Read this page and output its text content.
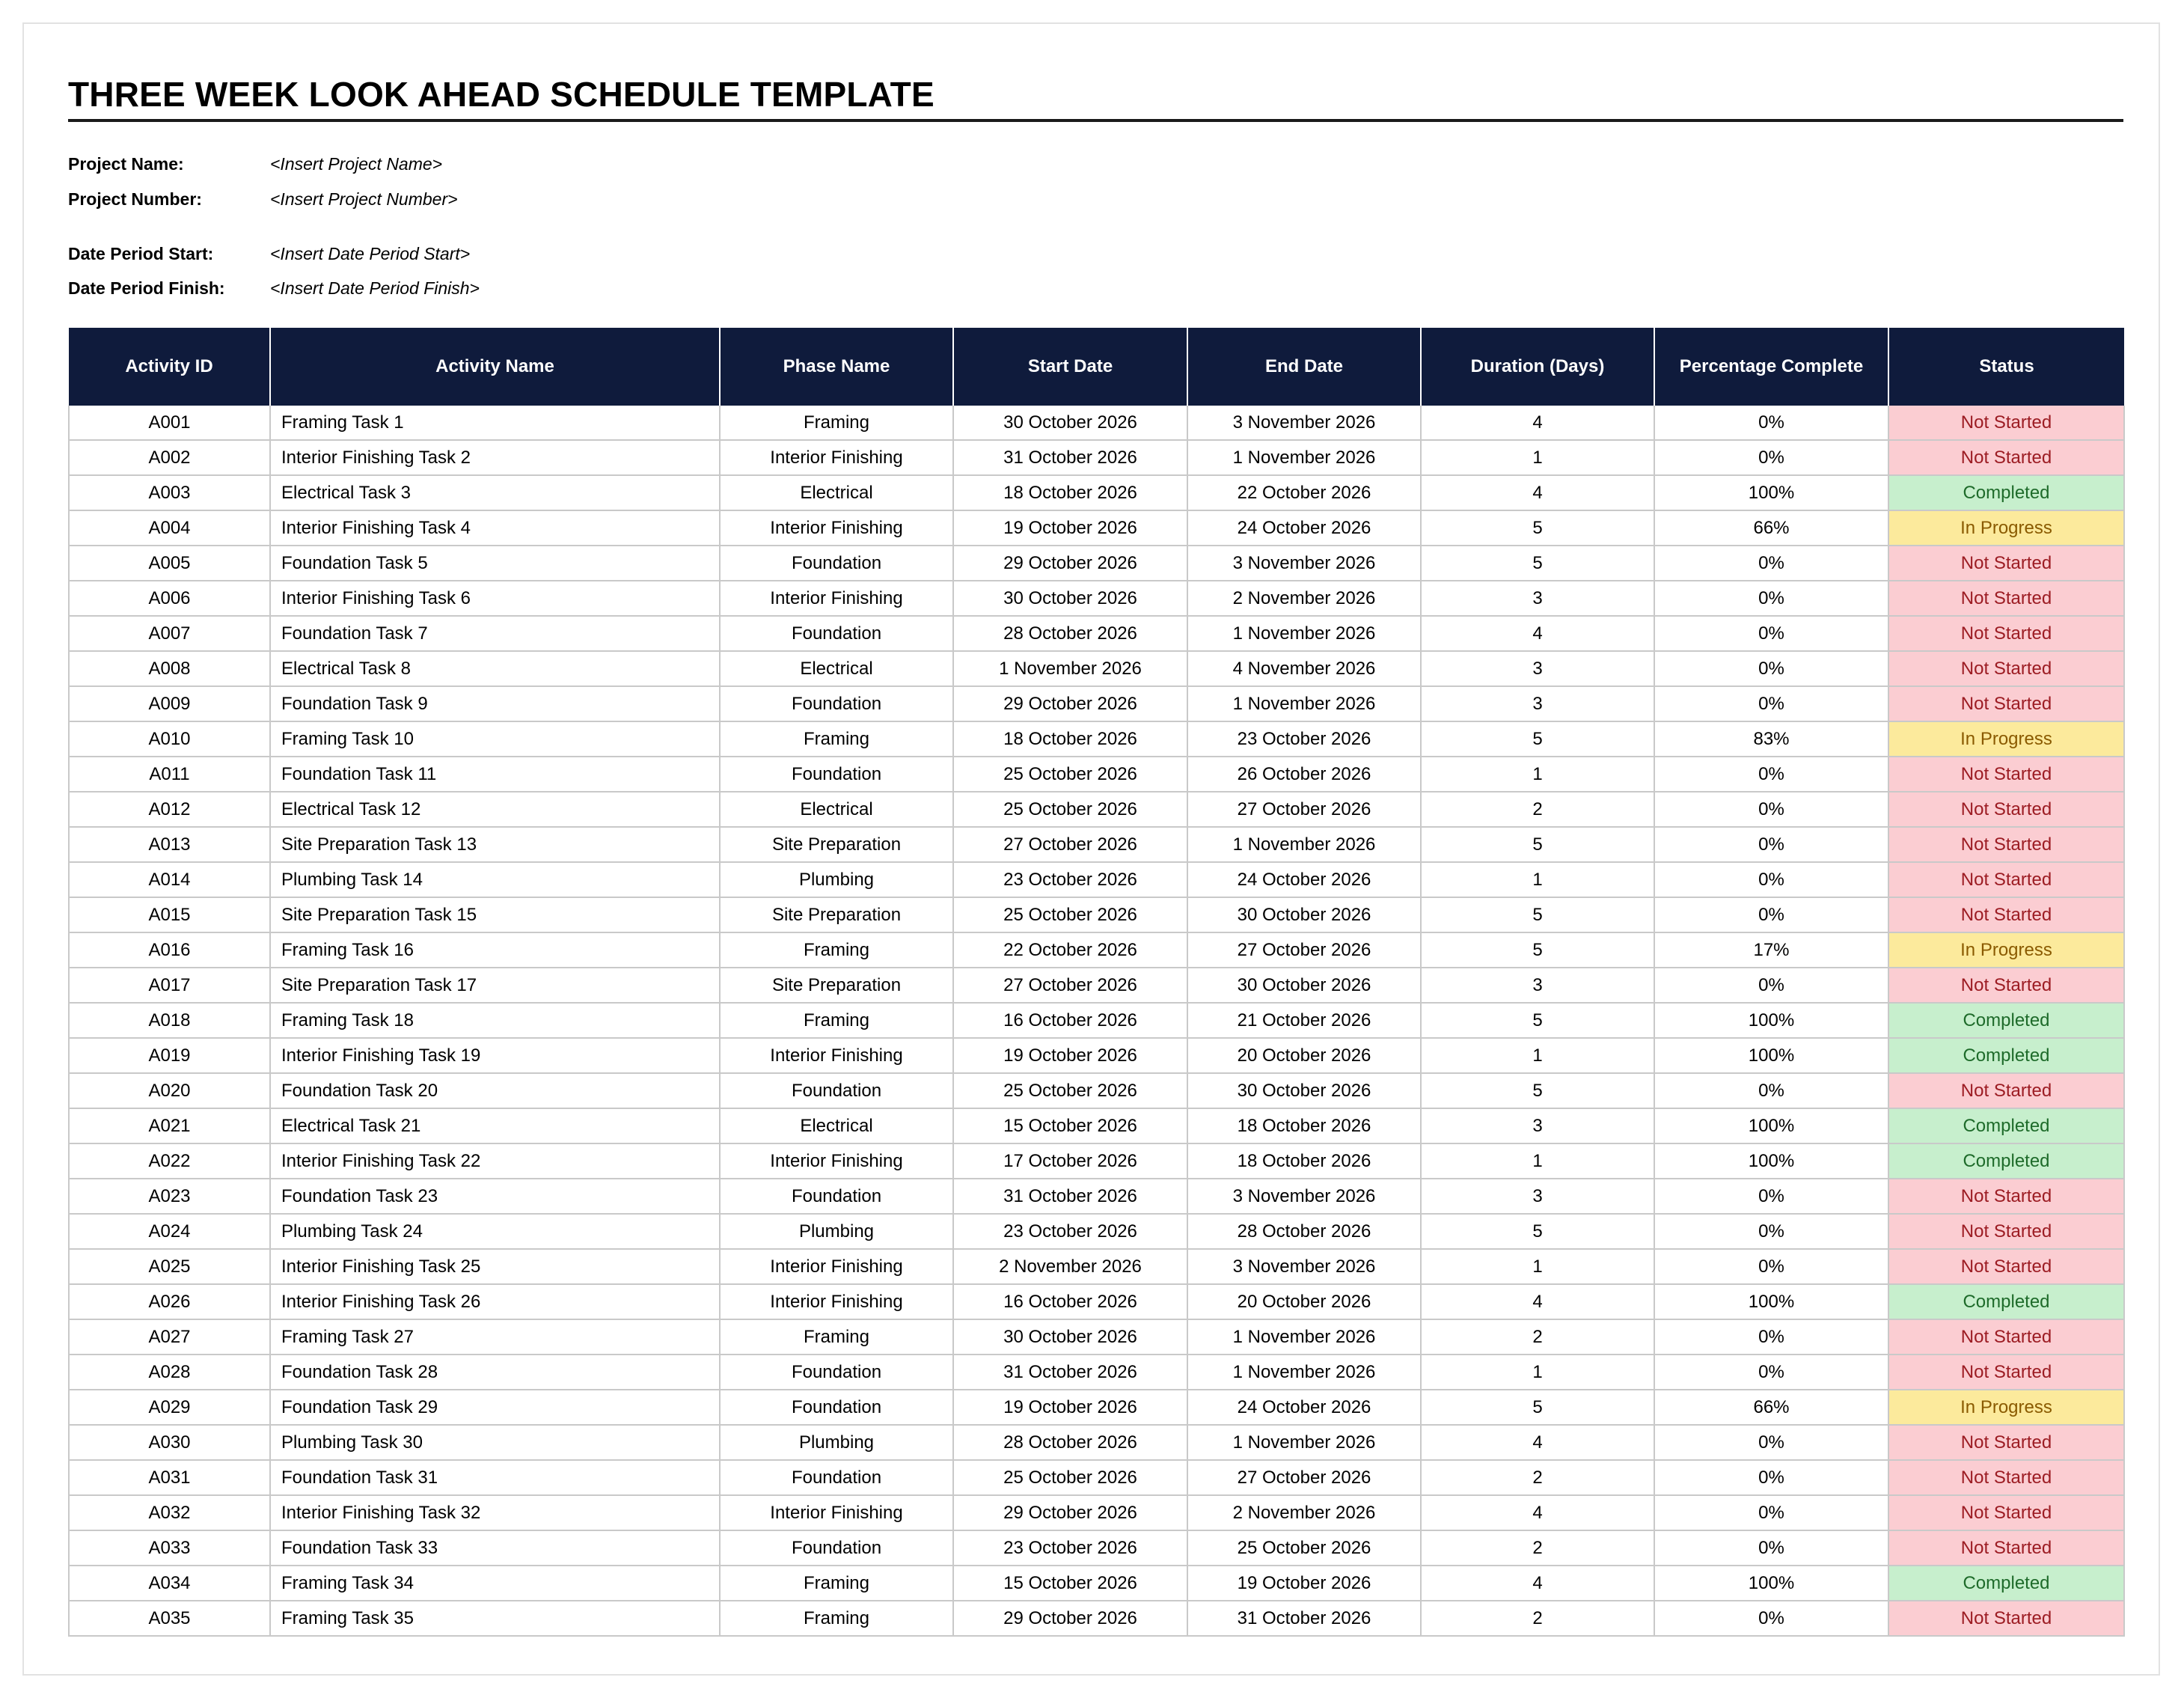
THREE WEEK LOOK AHEAD SCHEDULE TEMPLATE
Project Name:	<Insert Project Name>
Project Number:	<Insert Project Number>
Date Period Start:	<Insert Date Period Start>
Date Period Finish:	<Insert Date Period Finish>
Activity ID	Activity Name	Phase Name	Start Date	End Date	Duration (Days)	Percentage Complete	Status
A001	Framing Task 1	Framing	30 October 2026	3 November 2026	4	0%	Not Started
A002	Interior Finishing Task 2	Interior Finishing	31 October 2026	1 November 2026	1	0%	Not Started
A003	Electrical Task 3	Electrical	18 October 2026	22 October 2026	4	100%	Completed
A004	Interior Finishing Task 4	Interior Finishing	19 October 2026	24 October 2026	5	66%	In Progress
A005	Foundation Task 5	Foundation	29 October 2026	3 November 2026	5	0%	Not Started
A006	Interior Finishing Task 6	Interior Finishing	30 October 2026	2 November 2026	3	0%	Not Started
A007	Foundation Task 7	Foundation	28 October 2026	1 November 2026	4	0%	Not Started
A008	Electrical Task 8	Electrical	1 November 2026	4 November 2026	3	0%	Not Started
A009	Foundation Task 9	Foundation	29 October 2026	1 November 2026	3	0%	Not Started
A010	Framing Task 10	Framing	18 October 2026	23 October 2026	5	83%	In Progress
A011	Foundation Task 11	Foundation	25 October 2026	26 October 2026	1	0%	Not Started
A012	Electrical Task 12	Electrical	25 October 2026	27 October 2026	2	0%	Not Started
A013	Site Preparation Task 13	Site Preparation	27 October 2026	1 November 2026	5	0%	Not Started
A014	Plumbing Task 14	Plumbing	23 October 2026	24 October 2026	1	0%	Not Started
A015	Site Preparation Task 15	Site Preparation	25 October 2026	30 October 2026	5	0%	Not Started
A016	Framing Task 16	Framing	22 October 2026	27 October 2026	5	17%	In Progress
A017	Site Preparation Task 17	Site Preparation	27 October 2026	30 October 2026	3	0%	Not Started
A018	Framing Task 18	Framing	16 October 2026	21 October 2026	5	100%	Completed
A019	Interior Finishing Task 19	Interior Finishing	19 October 2026	20 October 2026	1	100%	Completed
A020	Foundation Task 20	Foundation	25 October 2026	30 October 2026	5	0%	Not Started
A021	Electrical Task 21	Electrical	15 October 2026	18 October 2026	3	100%	Completed
A022	Interior Finishing Task 22	Interior Finishing	17 October 2026	18 October 2026	1	100%	Completed
A023	Foundation Task 23	Foundation	31 October 2026	3 November 2026	3	0%	Not Started
A024	Plumbing Task 24	Plumbing	23 October 2026	28 October 2026	5	0%	Not Started
A025	Interior Finishing Task 25	Interior Finishing	2 November 2026	3 November 2026	1	0%	Not Started
A026	Interior Finishing Task 26	Interior Finishing	16 October 2026	20 October 2026	4	100%	Completed
A027	Framing Task 27	Framing	30 October 2026	1 November 2026	2	0%	Not Started
A028	Foundation Task 28	Foundation	31 October 2026	1 November 2026	1	0%	Not Started
A029	Foundation Task 29	Foundation	19 October 2026	24 October 2026	5	66%	In Progress
A030	Plumbing Task 30	Plumbing	28 October 2026	1 November 2026	4	0%	Not Started
A031	Foundation Task 31	Foundation	25 October 2026	27 October 2026	2	0%	Not Started
A032	Interior Finishing Task 32	Interior Finishing	29 October 2026	2 November 2026	4	0%	Not Started
A033	Foundation Task 33	Foundation	23 October 2026	25 October 2026	2	0%	Not Started
A034	Framing Task 34	Framing	15 October 2026	19 October 2026	4	100%	Completed
A035	Framing Task 35	Framing	29 October 2026	31 October 2026	2	0%	Not Started
